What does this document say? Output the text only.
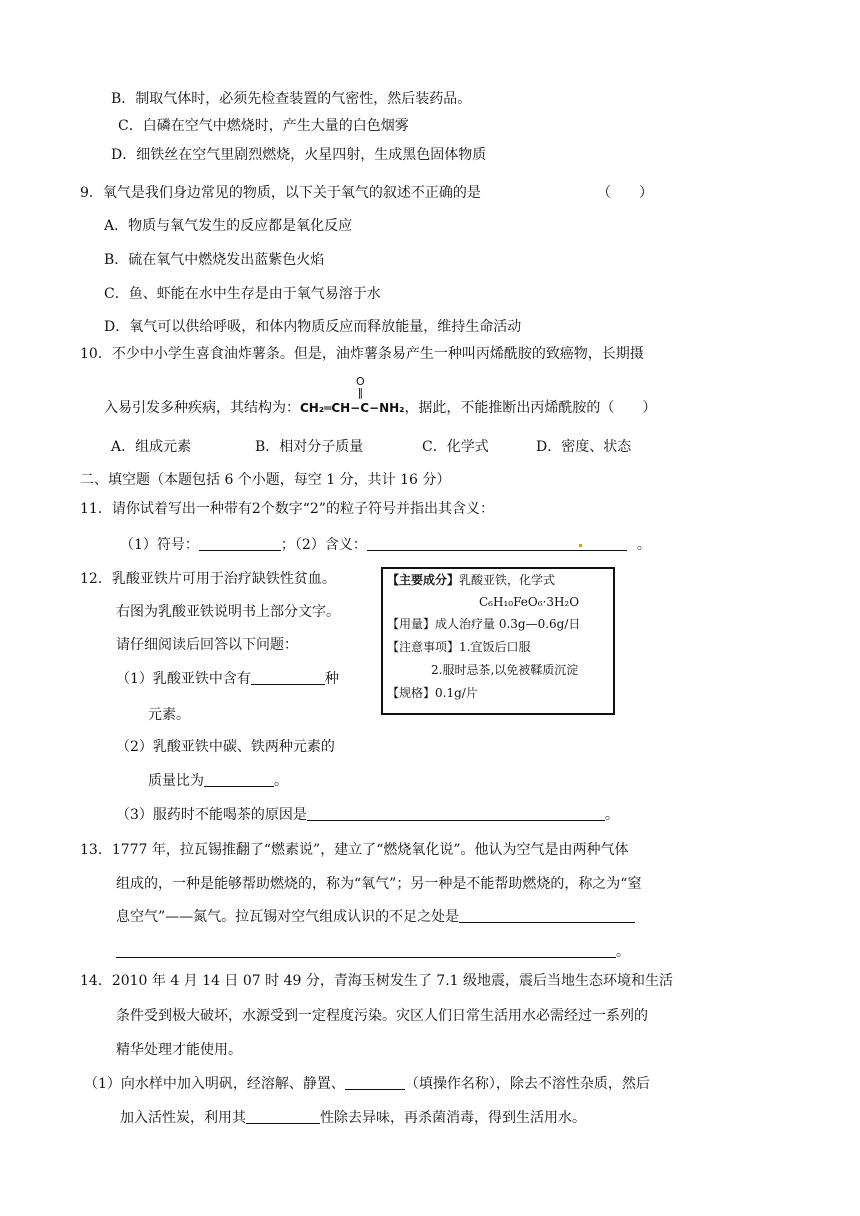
B．制取气体时，必须先检查装置的气密性，然后装药品。
C．白磷在空气中燃烧时，产生大量的白色烟雾
D．细铁丝在空气里剧烈燃烧，火星四射，生成黑色固体物质
9．氧气是我们身边常见的物质，以下关于氧气的叙述不正确的是	（　　）
A．物质与氧气发生的反应都是氧化反应
B．硫在氧气中燃烧发出蓝紫色火焰
C．鱼、虾能在水中生存是由于氧气易溶于水
D．氧气可以供给呼吸，和体内物质反应而释放能量，维持生命活动
10．不少中小学生喜食油炸薯条。但是，油炸薯条易产生一种叫丙烯酰胺的致癌物，长期摄
入易引发多种疾病，其结构为：
O
‖
CH₂═CH−C−NH₂，据此，不能推断出丙烯酰胺的（　　）
A．组成元素	B．相对分子质量	C．化学式	D．密度、状态
二、填空题（本题包括 6 个小题，每空 1 分，共计 16 分）
11．请你试着写出一种带有2个数字“2”的粒子符号并指出其含义：
（1）符号：	；（2）含义：	。
12．乳酸亚铁片可用于治疗缺铁性贫血。
右图为乳酸亚铁说明书上部分文字。
请仔细阅读后回答以下问题：
（1）乳酸亚铁中含有	种
元素。
（2）乳酸亚铁中碳、铁两种元素的
质量比为	。
（3）服药时不能喝茶的原因是	。
【主要成分】乳酸亚铁，化学式
C₆H₁₀FeO₆·3H₂O
【用量】成人治疗量 0.3g—0.6g/日
【注意事项】1.宜饭后口服
2.服时忌茶,以免被鞣质沉淀
【规格】0.1g/片
13．1777 年，拉瓦锡推翻了“燃素说”，建立了“燃烧氧化说”。他认为空气是由两种气体
组成的，一种是能够帮助燃烧的，称为“氧气”；另一种是不能帮助燃烧的，称之为“窒
息空气”——氮气。拉瓦锡对空气组成认识的不足之处是
。
14．2010 年 4 月 14 日 07 时 49 分，青海玉树发生了 7.1 级地震，震后当地生态环境和生活
条件受到极大破坏，水源受到一定程度污染。灾区人们日常生活用水必需经过一系列的
精华处理才能使用。
（1）向水样中加入明矾，经溶解、静置、	（填操作名称），除去不溶性杂质，然后
加入活性炭，利用其	性除去异味，再杀菌消毒，得到生活用水。
